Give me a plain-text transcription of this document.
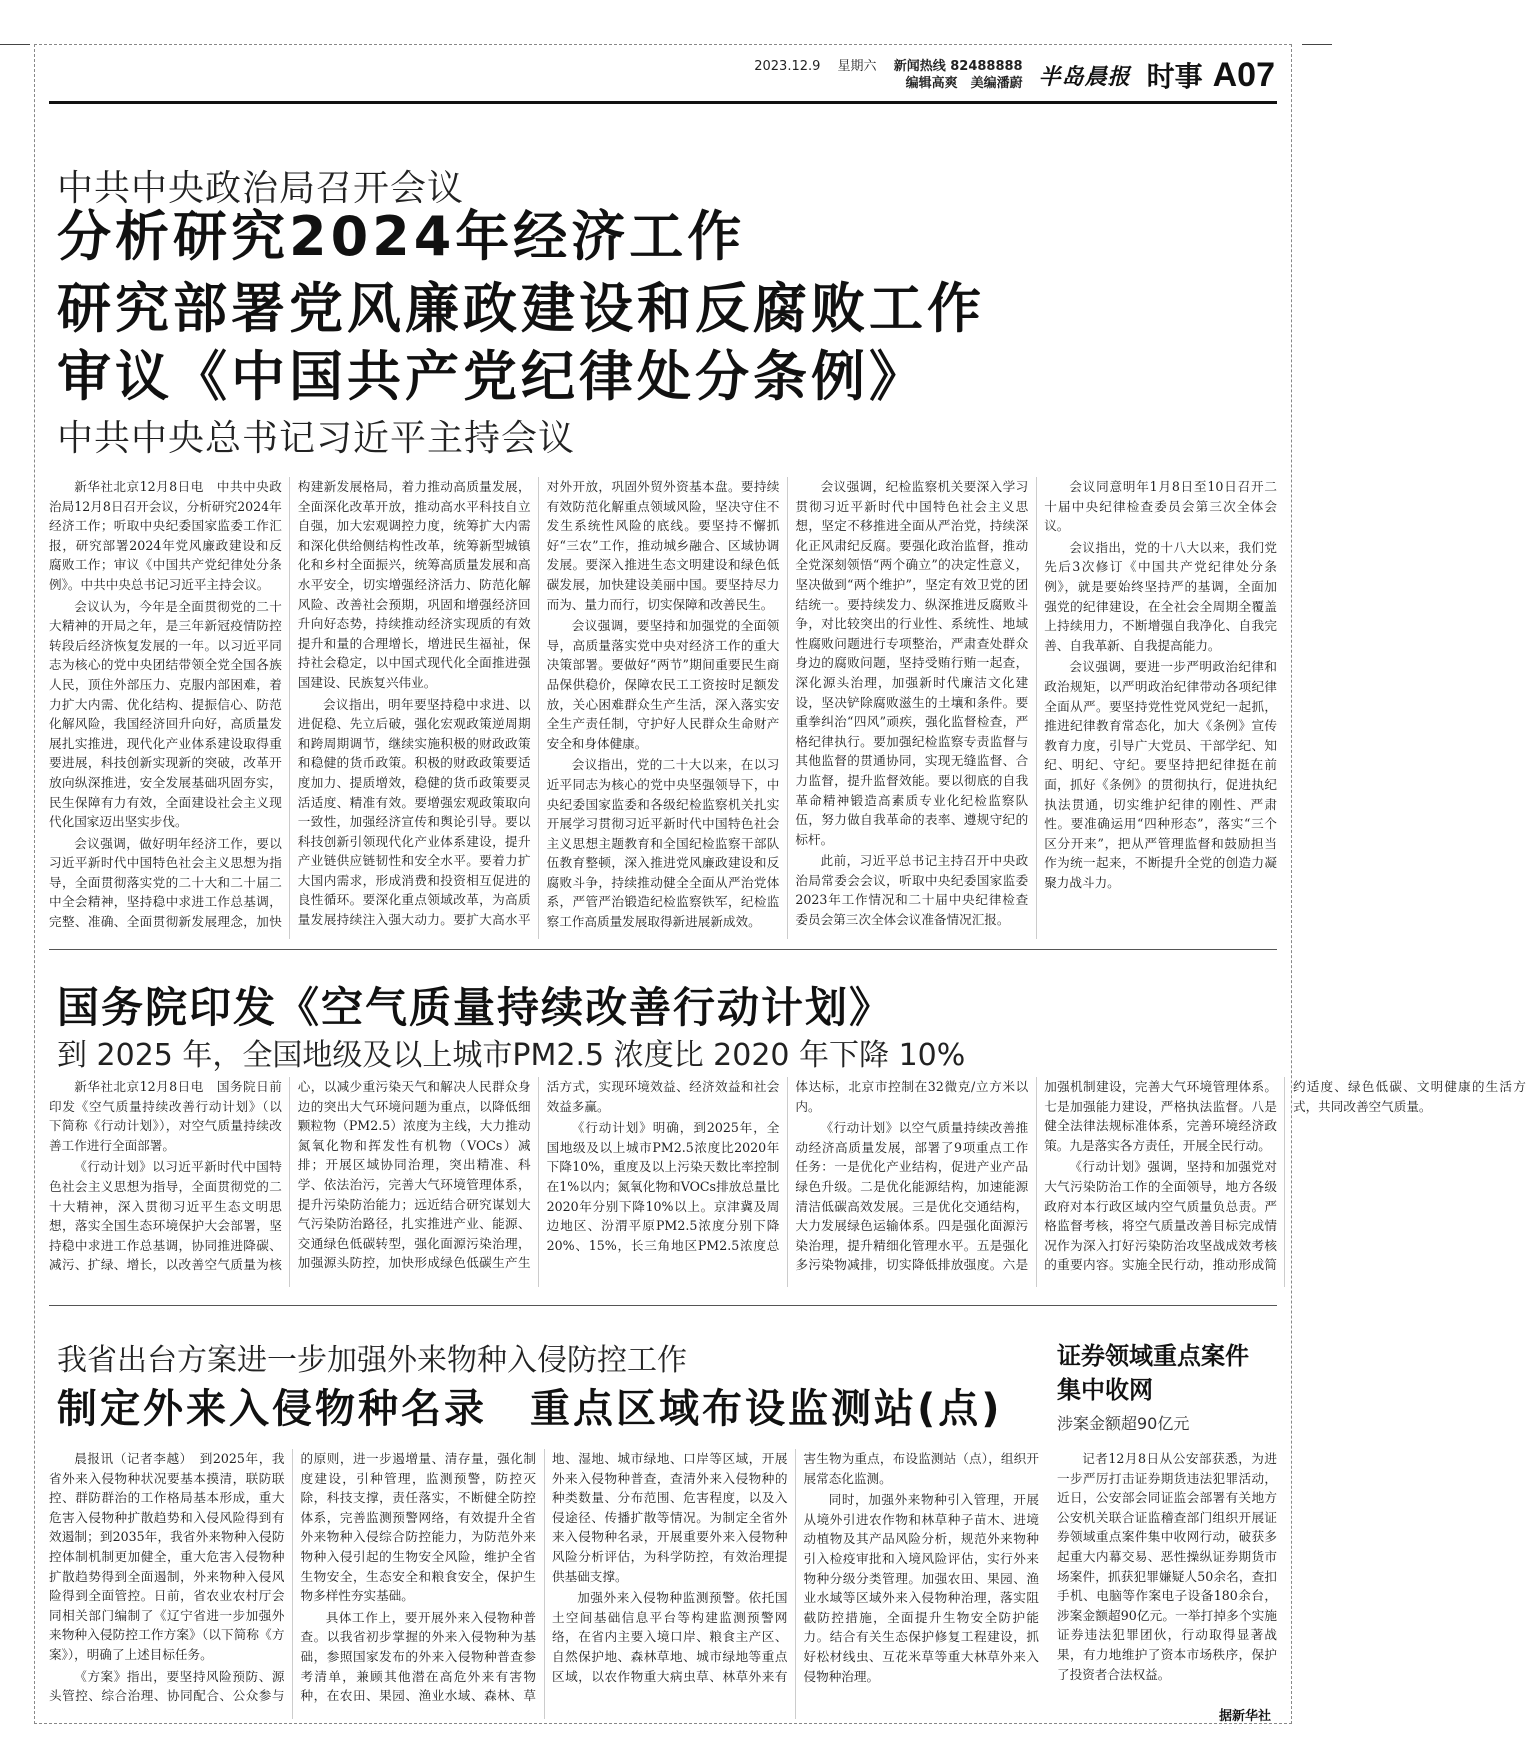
2023.12.9　 星期六　 新闻热线 82488888
编辑高爽　美编潘蔚 半岛晨报 时事 A07
中共中央政治局召开会议
分析研究2024年经济工作
研究部署党风廉政建设和反腐败工作
审议《中国共产党纪律处分条例》
中共中央总书记习近平主持会议

新华社北京12月8日电　中共中央政治局12月8日召开会议，分析研究2024年经济工作；听取中央纪委国家监委工作汇报，研究部署2024年党风廉政建设和反腐败工作；审议《中国共产党纪律处分条例》。中共中央总书记习近平主持会议。

会议认为，今年是全面贯彻党的二十大精神的开局之年，是三年新冠疫情防控转段后经济恢复发展的一年。以习近平同志为核心的党中央团结带领全党全国各族人民，顶住外部压力、克服内部困难，着力扩大内需、优化结构、提振信心、防范化解风险，我国经济回升向好，高质量发展扎实推进，现代化产业体系建设取得重要进展，科技创新实现新的突破，改革开放向纵深推进，安全发展基础巩固夯实，民生保障有力有效，全面建设社会主义现代化国家迈出坚实步伐。

会议强调，做好明年经济工作，要以习近平新时代中国特色社会主义思想为指导，全面贯彻落实党的二十大和二十届二中全会精神，坚持稳中求进工作总基调，完整、准确、全面贯彻新发展理念，加快构建新发展格局，着力推动高质量发展，全面深化改革开放，推动高水平科技自立自强，加大宏观调控力度，统筹扩大内需和深化供给侧结构性改革，统筹新型城镇化和乡村全面振兴，统筹高质量发展和高水平安全，切实增强经济活力、防范化解风险、改善社会预期，巩固和增强经济回升向好态势，持续推动经济实现质的有效提升和量的合理增长，增进民生福祉，保持社会稳定，以中国式现代化全面推进强国建设、民族复兴伟业。

会议指出，明年要坚持稳中求进、以进促稳、先立后破，强化宏观政策逆周期和跨周期调节，继续实施积极的财政政策和稳健的货币政策。积极的财政政策要适度加力、提质增效，稳健的货币政策要灵活适度、精准有效。要增强宏观政策取向一致性，加强经济宣传和舆论引导。要以科技创新引领现代化产业体系建设，提升产业链供应链韧性和安全水平。要着力扩大国内需求，形成消费和投资相互促进的良性循环。要深化重点领域改革，为高质量发展持续注入强大动力。要扩大高水平对外开放，巩固外贸外资基本盘。要持续有效防范化解重点领域风险，坚决守住不发生系统性风险的底线。要坚持不懈抓好“三农”工作，推动城乡融合、区域协调发展。要深入推进生态文明建设和绿色低碳发展，加快建设美丽中国。要坚持尽力而为、量力而行，切实保障和改善民生。

会议强调，要坚持和加强党的全面领导，高质量落实党中央对经济工作的重大决策部署。要做好“两节”期间重要民生商品保供稳价，保障农民工工资按时足额发放，关心困难群众生产生活，深入落实安全生产责任制，守护好人民群众生命财产安全和身体健康。

会议指出，党的二十大以来，在以习近平同志为核心的党中央坚强领导下，中央纪委国家监委和各级纪检监察机关扎实开展学习贯彻习近平新时代中国特色社会主义思想主题教育和全国纪检监察干部队伍教育整顿，深入推进党风廉政建设和反腐败斗争，持续推动健全全面从严治党体系，严管严治锻造纪检监察铁军，纪检监察工作高质量发展取得新进展新成效。

会议强调，纪检监察机关要深入学习贯彻习近平新时代中国特色社会主义思想，坚定不移推进全面从严治党，持续深化正风肃纪反腐。要强化政治监督，推动全党深刻领悟“两个确立”的决定性意义，坚决做到“两个维护”，坚定有效卫党的团结统一。要持续发力、纵深推进反腐败斗争，对比较突出的行业性、系统性、地域性腐败问题进行专项整治，严肃查处群众身边的腐败问题，坚持受贿行贿一起查，深化源头治理，加强新时代廉洁文化建设，坚决铲除腐败滋生的土壤和条件。要重拳纠治“四风”顽疾，强化监督检查，严格纪律执行。要加强纪检监察专责监督与其他监督的贯通协同，实现无缝监督、合力监督，提升监督效能。要以彻底的自我革命精神锻造高素质专业化纪检监察队伍，努力做自我革命的表率、遵规守纪的标杆。

此前，习近平总书记主持召开中央政治局常委会会议，听取中央纪委国家监委2023年工作情况和二十届中央纪律检查委员会第三次全体会议准备情况汇报。

会议同意明年1月8日至10日召开二十届中央纪律检查委员会第三次全体会议。

会议指出，党的十八大以来，我们党先后3次修订《中国共产党纪律处分条例》，就是要始终坚持严的基调，全面加强党的纪律建设，在全社会全周期全覆盖上持续用力，不断增强自我净化、自我完善、自我革新、自我提高能力。

会议强调，要进一步严明政治纪律和政治规矩，以严明政治纪律带动各项纪律全面从严。要坚持党性党风党纪一起抓，推进纪律教育常态化，加大《条例》宣传教育力度，引导广大党员、干部学纪、知纪、明纪、守纪。要坚持把纪律挺在前面，抓好《条例》的贯彻执行，促进执纪执法贯通，切实维护纪律的刚性、严肃性。要准确运用“四种形态”，落实“三个区分开来”，把从严管理监督和鼓励担当作为统一起来，不断提升全党的创造力凝聚力战斗力。

国务院印发《空气质量持续改善行动计划》
到 2025 年，全国地级及以上城市PM2.5 浓度比 2020 年下降 10%

新华社北京12月8日电　国务院日前印发《空气质量持续改善行动计划》（以下简称《行动计划》），对空气质量持续改善工作进行全面部署。

《行动计划》以习近平新时代中国特色社会主义思想为指导，全面贯彻党的二十大精神，深入贯彻习近平生态文明思想，落实全国生态环境保护大会部署，坚持稳中求进工作总基调，协同推进降碳、减污、扩绿、增长，以改善空气质量为核心，以减少重污染天气和解决人民群众身边的突出大气环境问题为重点，以降低细颗粒物（PM2.5）浓度为主线，大力推动氮氧化物和挥发性有机物（VOCs）减排；开展区域协同治理，突出精准、科学、依法治污，完善大气环境管理体系，提升污染防治能力；远近结合研究谋划大气污染防治路径，扎实推进产业、能源、交通绿色低碳转型，强化面源污染治理，加强源头防控，加快形成绿色低碳生产生活方式，实现环境效益、经济效益和社会效益多赢。

《行动计划》明确，到2025年，全国地级及以上城市PM2.5浓度比2020年下降10%，重度及以上污染天数比率控制在1%以内；氮氧化物和VOCs排放总量比2020年分别下降10%以上。京津冀及周边地区、汾渭平原PM2.5浓度分别下降20%、15%，长三角地区PM2.5浓度总体达标，北京市控制在32微克/立方米以内。

《行动计划》以空气质量持续改善推动经济高质量发展，部署了9项重点工作任务：一是优化产业结构，促进产业产品绿色升级。二是优化能源结构，加速能源清洁低碳高效发展。三是优化交通结构，大力发展绿色运输体系。四是强化面源污染治理，提升精细化管理水平。五是强化多污染物减排，切实降低排放强度。六是加强机制建设，完善大气环境管理体系。七是加强能力建设，严格执法监督。八是健全法律法规标准体系，完善环境经济政策。九是落实各方责任，开展全民行动。

《行动计划》强调，坚持和加强党对大气污染防治工作的全面领导，地方各级政府对本行政区域内空气质量负总责。严格监督考核，将空气质量改善目标完成情况作为深入打好污染防治攻坚战成效考核的重要内容。实施全民行动，推动形成简约适度、绿色低碳、文明健康的生活方式，共同改善空气质量。

我省出台方案进一步加强外来物种入侵防控工作
制定外来入侵物种名录　重点区域布设监测站(点)

晨报讯（记者李越）　到2025年，我省外来入侵物种状况要基本摸清，联防联控、群防群治的工作格局基本形成，重大危害入侵物种扩散趋势和入侵风险得到有效遏制；到2035年，我省外来物种入侵防控体制机制更加健全，重大危害入侵物种扩散趋势得到全面遏制，外来物种入侵风险得到全面管控。日前，省农业农村厅会同相关部门编制了《辽宁省进一步加强外来物种入侵防控工作方案》（以下简称《方案》），明确了上述目标任务。

《方案》指出，要坚持风险预防、源头管控、综合治理、协同配合、公众参与的原则，进一步遏增量、清存量，强化制度建设，引种管理，监测预警，防控灭除，科技支撑，责任落实，不断健全防控体系，完善监测预警网络，有效提升全省外来物种入侵综合防控能力，为防范外来物种入侵引起的生物安全风险，维护全省生物安全，生态安全和粮食安全，保护生物多样性夯实基础。

具体工作上，要开展外来入侵物种普查。以我省初步掌握的外来入侵物种为基础，参照国家发布的外来入侵物种普查参考清单，兼顾其他潜在高危外来有害物种，在农田、果园、渔业水域、森林、草地、湿地、城市绿地、口岸等区域，开展外来入侵物种普查，查清外来入侵物种的种类数量、分布范围、危害程度，以及入侵途径、传播扩散等情况。为制定全省外来入侵物种名录，开展重要外来入侵物种风险分析评估，为科学防控，有效治理提供基础支撑。

加强外来入侵物种监测预警。依托国土空间基础信息平台等构建监测预警网络，在省内主要入境口岸、粮食主产区、自然保护地、森林草地、城市绿地等重点区域，以农作物重大病虫草、林草外来有害生物为重点，布设监测站（点），组织开展常态化监测。

同时，加强外来物种引入管理，开展从境外引进农作物和林草种子苗木、进境动植物及其产品风险分析，规范外来物种引入检疫审批和入境风险评估，实行外来物种分级分类管理。加强农田、果园、渔业水域等区域外来入侵物种治理，落实阻截防控措施，全面提升生物安全防护能力。结合有关生态保护修复工程建设，抓好松材线虫、互花米草等重大林草外来入侵物种治理。

证券领域重点案件集中收网
涉案金额超90亿元

记者12月8日从公安部获悉，为进一步严厉打击证券期货违法犯罪活动，近日，公安部会同证监会部署有关地方公安机关联合证监稽查部门组织开展证券领域重点案件集中收网行动，破获多起重大内幕交易、恶性操纵证券期货市场案件，抓获犯罪嫌疑人50余名，查扣手机、电脑等作案电子设备180余台，涉案金额超90亿元。一举打掉多个实施证券违法犯罪团伙，行动取得显著战果，有力地维护了资本市场秩序，保护了投资者合法权益。

据新华社
